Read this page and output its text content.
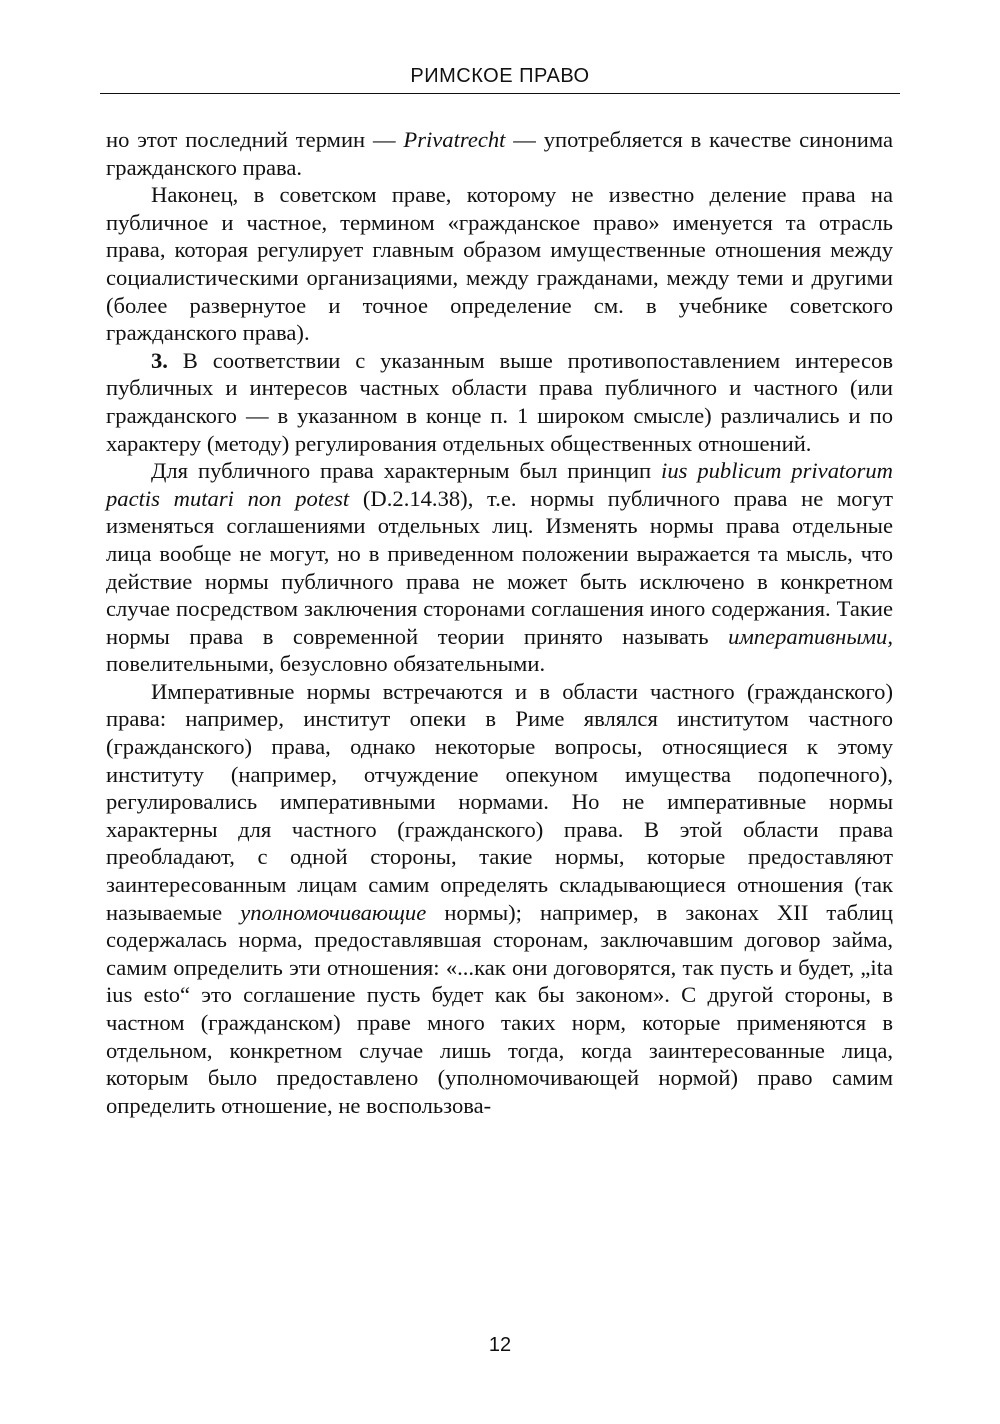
РИМСКОЕ ПРАВО

но этот последний термин — Privatrecht — употребляется в качестве синонима гражданского права.

Наконец, в советском праве, которому не известно деление права на публичное и частное, термином «гражданское право» именуется та отрасль права, которая регулирует главным образом имущественные отношения между социалистическими организациями, между гражданами, между теми и другими (более развернутое и точное определение см. в учебнике советского гражданского права).

3. В соответствии с указанным выше противопоставлением интересов публичных и интересов частных области права публичного и частного (или гражданского — в указанном в конце п. 1 широком смысле) различались и по характеру (методу) регулирования отдельных общественных отношений.

Для публичного права характерным был принцип ius publicum privatorum pactis mutari non potest (D.2.14.38), т.е. нормы публичного права не могут изменяться соглашениями отдельных лиц. Изменять нормы права отдельные лица вообще не могут, но в приведенном положении выражается та мысль, что действие нормы публичного права не может быть исключено в конкретном случае посредством заключения сторонами соглашения иного содержания. Такие нормы права в современной теории принято называть императивными, повелительными, безусловно обязательными.

Императивные нормы встречаются и в области частного (гражданского) права: например, институт опеки в Риме являлся институтом частного (гражданского) права, однако некоторые вопросы, относящиеся к этому институту (например, отчуждение опекуном имущества подопечного), регулировались императивными нормами. Но не императивные нормы характерны для частного (гражданского) права. В этой области права преобладают, с одной стороны, такие нормы, которые предоставляют заинтересованным лицам самим определять складывающиеся отношения (так называемые уполномочивающие нормы); например, в законах XII таблиц содержалась норма, предоставлявшая сторонам, заключавшим договор займа, самим определить эти отношения: «...как они договорятся, так пусть и будет, „ita ius esto“ это соглашение пусть будет как бы законом». С другой стороны, в частном (гражданском) праве много таких норм, которые применяются в отдельном, конкретном случае лишь тогда, когда заинтересованные лица, которым было предоставлено (уполномочивающей нормой) право самим определить отношение, не воспользова-

12
